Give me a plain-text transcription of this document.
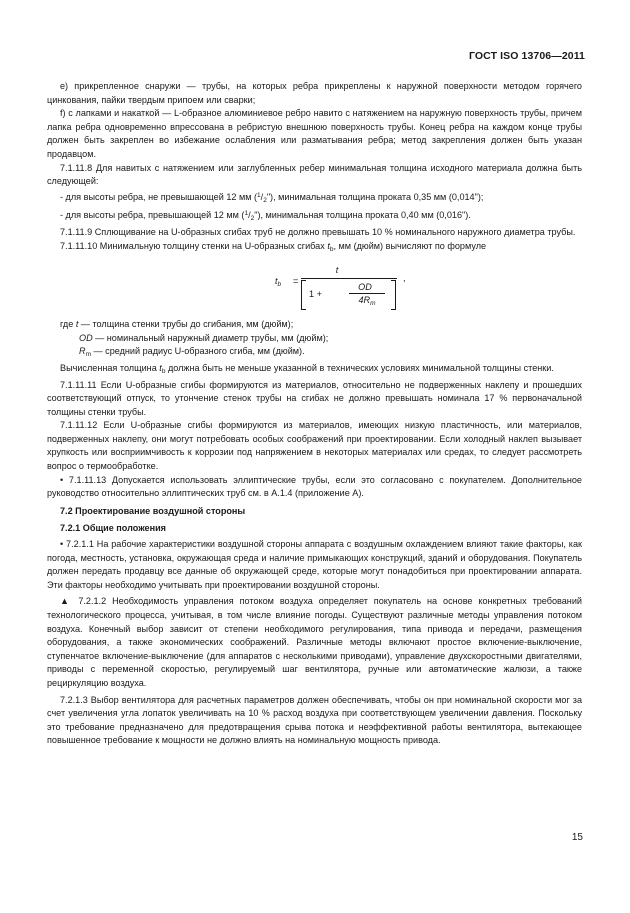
ГОСТ ISO 13706—2011

е) прикрепленное снаружи — трубы, на которых ребра прикреплены к наружной поверхности методом горячего цинкования, пайки твердым припоем или сварки;

f) с лапками и накаткой — L-образное алюминиевое ребро навито с натяжением на наружную поверхность трубы, причем лапка ребра одновременно впрессована в ребристую внешнюю поверхность трубы. Конец ребра на каждом конце трубы должен быть закреплен во избежание ослабления или разматывания ребра; метод закрепления должен быть указан продавцом.

7.1.11.8 Для навитых с натяжением или заглубленных ребер минимальная толщина исходного материала должна быть следующей:

- для высоты ребра, не превышающей 12 мм $(^1/_2")$, минимальная толщина проката 0,35 мм (0,014");

- для высоты ребра, превышающей 12 мм $(^1/_2")$, минимальная толщина проката 0,40 мм (0,016").

7.1.11.9 Сплющивание на U-образных сгибах труб не должно превышать 10 % номинального наружного диаметра трубы.

7.1.11.10 Минимальную толщину стенки на U-образных сгибах $t_b$, мм (дюйм) вычисляют по формуле

$t_b$ =
t
1 +
OD
$4R_m$
,

где t — толщина стенки трубы до сгибания, мм (дюйм);

OD — номинальный наружный диаметр трубы, мм (дюйм);

$R_m$ — средний радиус U-образного сгиба, мм (дюйм).

Вычисленная толщина $t_b$ должна быть не меньше указанной в технических условиях минимальной толщины стенки.

7.1.11.11 Если U-образные сгибы формируются из материалов, относительно не подверженных наклепу и прошедших соответствующий отпуск, то утончение стенок трубы на сгибах не должно превышать номинала 17 % первоначальной толщины стенки трубы.

7.1.11.12 Если U-образные сгибы формируются из материалов, имеющих низкую пластичность, или материалов, подверженных наклепу, они могут потребовать особых соображений при проектировании. Если холодный наклеп вызывает хрупкость или восприимчивость к коррозии под напряжением в некоторых материалах или средах, то следует рассмотреть вопрос о термообработке.

• 7.1.11.13 Допускается использовать эллиптические трубы, если это согласовано с покупателем. Дополнительное руководство относительно эллиптических труб см. в А.1.4 (приложение А).

7.2 Проектирование воздушной стороны

7.2.1 Общие положения

• 7.2.1.1 На рабочие характеристики воздушной стороны аппарата с воздушным охлаждением влияют такие факторы, как погода, местность, установка, окружающая среда и наличие примыкающих конструкций, зданий и оборудования. Покупатель должен передать продавцу все данные об окружающей среде, которые могут понадобиться при проектировании аппарата. Эти факторы необходимо учитывать при проектировании воздушной стороны.

▲ 7.2.1.2 Необходимость управления потоком воздуха определяет покупатель на основе конкретных требований технологического процесса, учитывая, в том числе влияние погоды. Существуют различные методы управления потоком воздуха. Конечный выбор зависит от степени необходимого регулирования, типа привода и передачи, размещения оборудования, а также экономических соображений. Различные методы включают простое включение-выключение, ступенчатое включение-выключение (для аппаратов с несколькими приводами), управление двухскоростными двигателями, приводы с переменной скоростью, регулируемый шаг вентилятора, ручные или автоматические жалюзи, а также рециркуляцию воздуха.

7.2.1.3 Выбор вентилятора для расчетных параметров должен обеспечивать, чтобы он при номинальной скорости мог за счет увеличения угла лопаток увеличивать на 10 % расход воздуха при соответствующем увеличении давления. Поскольку это требование предназначено для предотвращения срыва потока и неэффективной работы вентилятора, вытекающее повышенное требование к мощности не должно влиять на номинальную мощность привода.

15
